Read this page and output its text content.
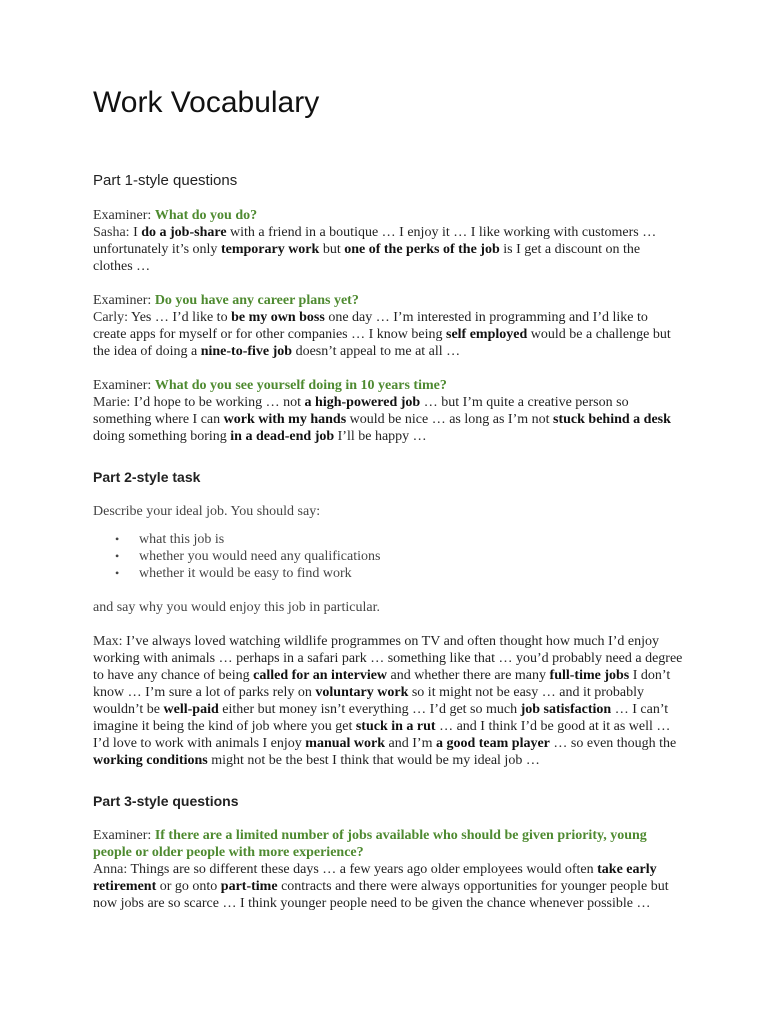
Work Vocabulary
Part 1-style questions

Examiner: What do you do?

Sasha: I do a job-share with a friend in a boutique … I enjoy it … I like working with customers … unfortunately it’s only temporary work but one of the perks of the job is I get a discount on the clothes …

Examiner: Do you have any career plans yet?

Carly: Yes … I’d like to be my own boss one day … I’m interested in programming and I’d like to create apps for myself or for other companies … I know being self employed would be a challenge but the idea of doing a nine-to-five job doesn’t appeal to me at all …

Examiner: What do you see yourself doing in 10 years time?

Marie: I’d hope to be working … not a high-powered job … but I’m quite a creative person so something where I can work with my hands would be nice … as long as I’m not stuck behind a desk doing something boring in a dead-end job I’ll be happy …

Part 2-style task

Describe your ideal job. You should say:

• what this job is
• whether you would need any qualifications
• whether it would be easy to find work

and say why you would enjoy this job in particular.

Max: I’ve always loved watching wildlife programmes on TV and often thought how much I’d enjoy working with animals … perhaps in a safari park … something like that … you’d probably need a degree to have any chance of being called for an interview and whether there are many full-time jobs I don’t know … I’m sure a lot of parks rely on voluntary work so it might not be easy … and it probably wouldn’t be well-paid either but money isn’t everything … I’d get so much job satisfaction … I can’t imagine it being the kind of job where you get stuck in a rut … and I think I’d be good at it as well … I’d love to work with animals I enjoy manual work and I’m a good team player … so even though the working conditions might not be the best I think that would be my ideal job …

Part 3-style questions

Examiner: If there are a limited number of jobs available who should be given priority, young people or older people with more experience?

Anna: Things are so different these days … a few years ago older employees would often take early retirement or go onto part-time contracts and there were always opportunities for younger people but now jobs are so scarce … I think younger people need to be given the chance whenever possible …
